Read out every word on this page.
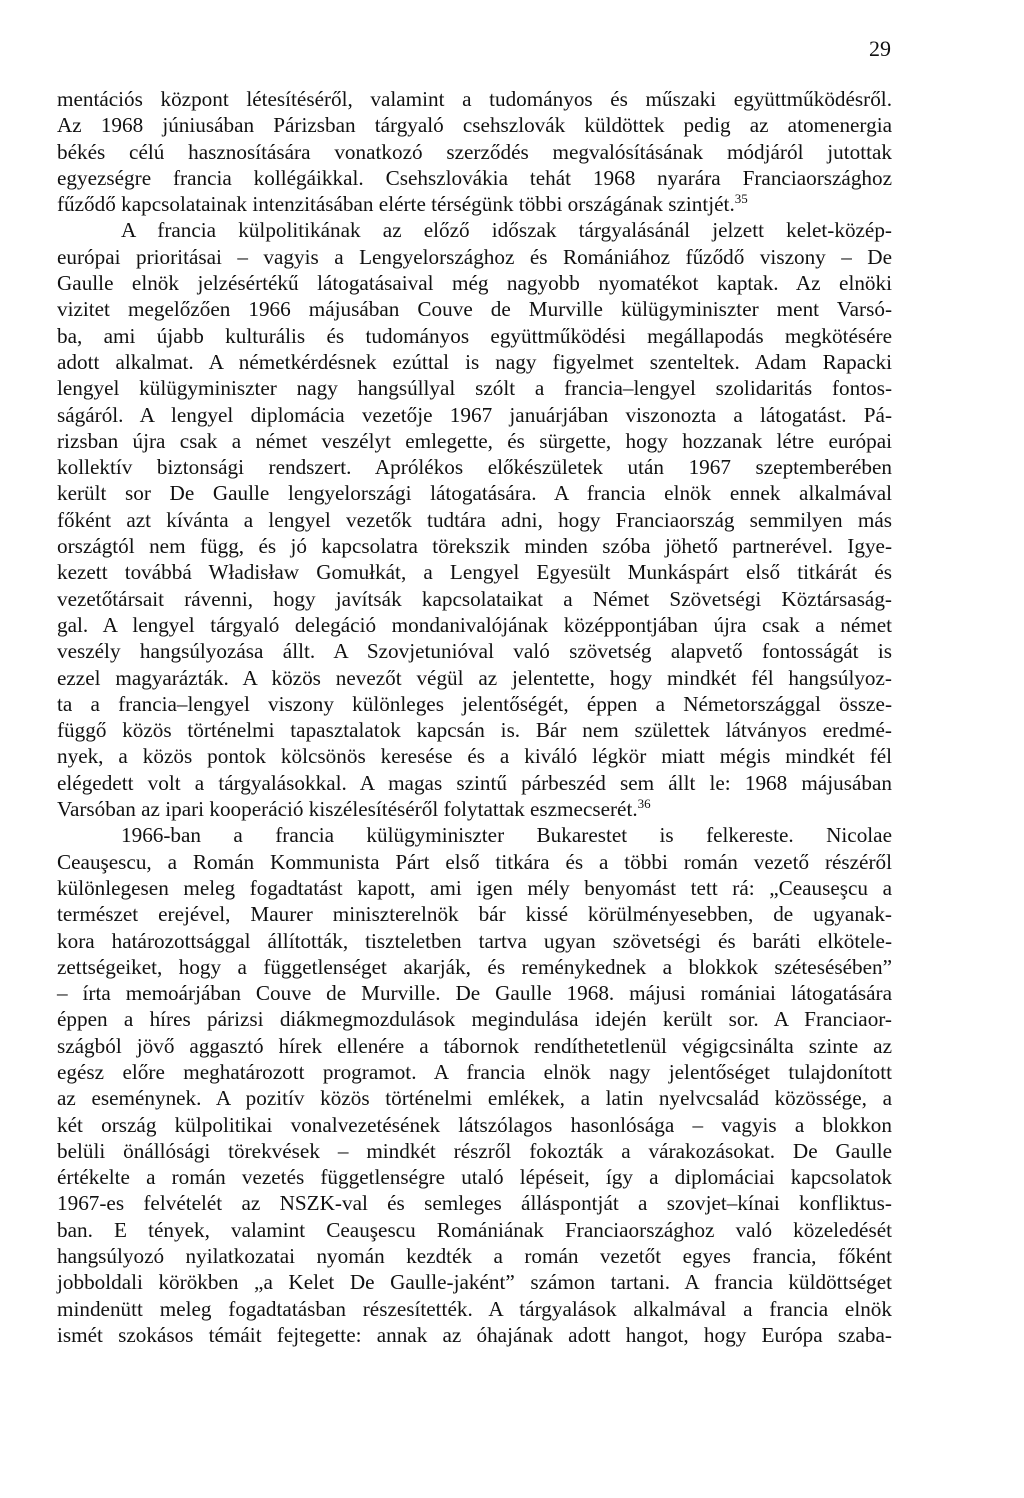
29
mentációs központ létesítéséről, valamint a tudományos és műszaki együttműködésről.
Az 1968 júniusában Párizsban tárgyaló csehszlovák küldöttek pedig az atomenergia
békés célú hasznosítására vonatkozó szerződés megvalósításának módjáról jutottak
egyezségre francia kollégáikkal. Csehszlovákia tehát 1968 nyarára Franciaországhoz
fűződő kapcsolatainak intenzitásában elérte térségünk többi országának szintjét.$^{35}$
A francia külpolitikának az előző időszak tárgyalásánál jelzett kelet-közép-
európai prioritásai – vagyis a Lengyelországhoz és Romániához fűződő viszony – De
Gaulle elnök jelzésértékű látogatásaival még nagyobb nyomatékot kaptak. Az elnöki
vizitet megelőzően 1966 májusában Couve de Murville külügyminiszter ment Varsó-
ba, ami újabb kulturális és tudományos együttműködési megállapodás megkötésére
adott alkalmat. A németkérdésnek ezúttal is nagy figyelmet szenteltek. Adam Rapacki
lengyel külügyminiszter nagy hangsúllyal szólt a francia–lengyel szolidaritás fontos-
ságáról. A lengyel diplomácia vezetője 1967 januárjában viszonozta a látogatást. Pá-
rizsban újra csak a német veszélyt emlegette, és sürgette, hogy hozzanak létre európai
kollektív biztonsági rendszert. Aprólékos előkészületek után 1967 szeptemberében
került sor De Gaulle lengyelországi látogatására. A francia elnök ennek alkalmával
főként azt kívánta a lengyel vezetők tudtára adni, hogy Franciaország semmilyen más
országtól nem függ, és jó kapcsolatra törekszik minden szóba jöhető partnerével. Igye-
kezett továbbá Władisław Gomułkát, a Lengyel Egyesült Munkáspárt első titkárát és
vezetőtársait rávenni, hogy javítsák kapcsolataikat a Német Szövetségi Köztársaság-
gal. A lengyel tárgyaló delegáció mondanivalójának középpontjában újra csak a német
veszély hangsúlyozása állt. A Szovjetunióval való szövetség alapvető fontosságát is
ezzel magyarázták. A közös nevezőt végül az jelentette, hogy mindkét fél hangsúlyoz-
ta a francia–lengyel viszony különleges jelentőségét, éppen a Németországgal össze-
függő közös történelmi tapasztalatok kapcsán is. Bár nem születtek látványos eredmé-
nyek, a közös pontok kölcsönös keresése és a kiváló légkör miatt mégis mindkét fél
elégedett volt a tárgyalásokkal. A magas szintű párbeszéd sem állt le: 1968 májusában
Varsóban az ipari kooperáció kiszélesítéséről folytattak eszmecserét.$^{36}$
1966-ban a francia külügyminiszter Bukarestet is felkereste. Nicolae
Ceauşescu, a Román Kommunista Párt első titkára és a többi román vezető részéről
különlegesen meleg fogadtatást kapott, ami igen mély benyomást tett rá: „Ceauseşcu a
természet erejével, Maurer miniszterelnök bár kissé körülményesebben, de ugyanak-
kora határozottsággal állították, tiszteletben tartva ugyan szövetségi és baráti elkötele-
zettségeiket, hogy a függetlenséget akarják, és reménykednek a blokkok szétesésében”
– írta memoárjában Couve de Murville. De Gaulle 1968. májusi romániai látogatására
éppen a híres párizsi diákmegmozdulások megindulása idején került sor. A Franciaor-
szágból jövő aggasztó hírek ellenére a tábornok rendíthetetlenül végigcsinálta szinte az
egész előre meghatározott programot. A francia elnök nagy jelentőséget tulajdonított
az eseménynek. A pozitív közös történelmi emlékek, a latin nyelvcsalád közössége, a
két ország külpolitikai vonalvezetésének látszólagos hasonlósága – vagyis a blokkon
belüli önállósági törekvések – mindkét részről fokozták a várakozásokat. De Gaulle
értékelte a román vezetés függetlenségre utaló lépéseit, így a diplomáciai kapcsolatok
1967-es felvételét az NSZK-val és semleges álláspontját a szovjet–kínai konfliktus-
ban. E tények, valamint Ceauşescu Romániának Franciaországhoz való közeledését
hangsúlyozó nyilatkozatai nyomán kezdték a román vezetőt egyes francia, főként
jobboldali körökben „a Kelet De Gaulle-jaként” számon tartani. A francia küldöttséget
mindenütt meleg fogadtatásban részesítették. A tárgyalások alkalmával a francia elnök
ismét szokásos témáit fejtegette: annak az óhajának adott hangot, hogy Európa szaba-
